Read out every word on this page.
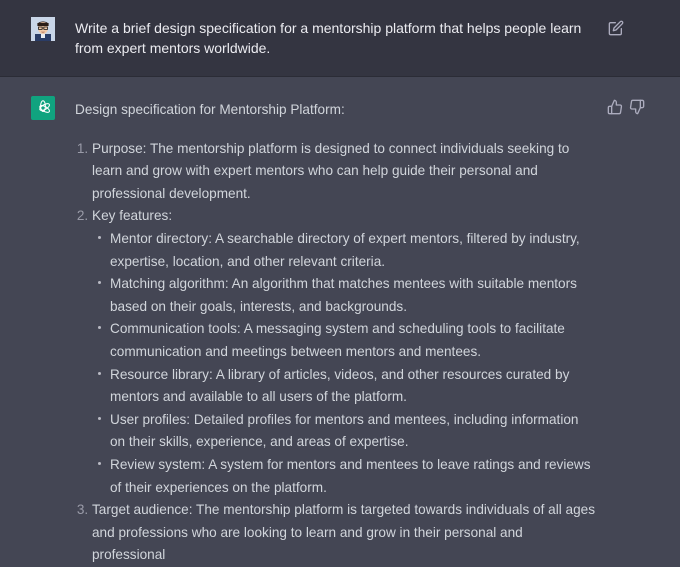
Write a brief design specification for a mentorship platform that helps people learn from expert mentors worldwide.

Design specification for Mentorship Platform:

1. Purpose: The mentorship platform is designed to connect individuals seeking to learn and grow with expert mentors who can help guide their personal and professional development.
2. Key features:
Mentor directory: A searchable directory of expert mentors, filtered by industry, expertise, location, and other relevant criteria.
Matching algorithm: An algorithm that matches mentees with suitable mentors based on their goals, interests, and backgrounds.
Communication tools: A messaging system and scheduling tools to facilitate communication and meetings between mentors and mentees.
Resource library: A library of articles, videos, and other resources curated by mentors and available to all users of the platform.
User profiles: Detailed profiles for mentors and mentees, including information on their skills, experience, and areas of expertise.
Review system: A system for mentors and mentees to leave ratings and reviews of their experiences on the platform.
3. Target audience: The mentorship platform is targeted towards individuals of all ages and professions who are looking to learn and grow in their personal and professional
